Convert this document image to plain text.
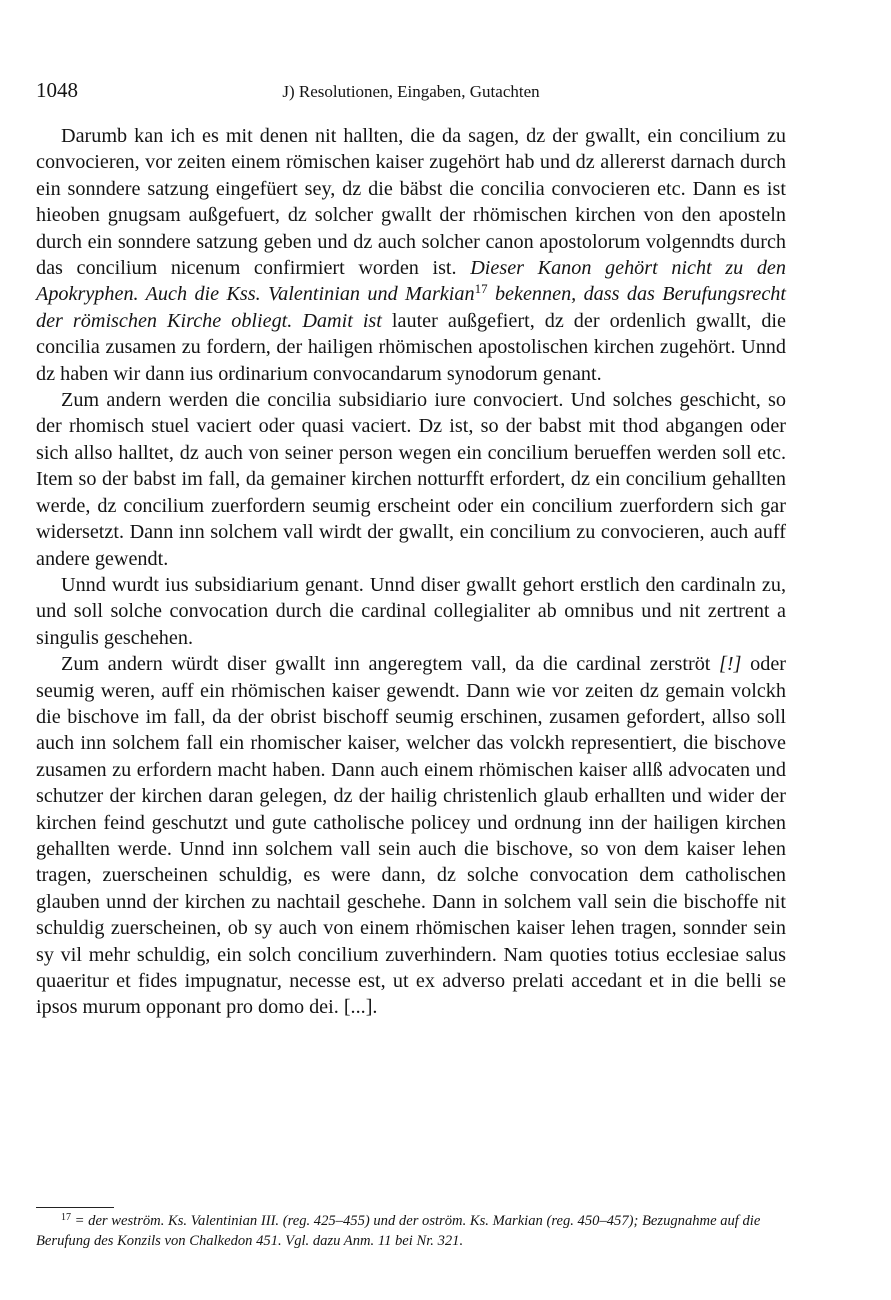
1048	J) Resolutionen, Eingaben, Gutachten

Darumb kan ich es mit denen nit hallten, die da sagen, dz der gwallt, ein concilium zu convocieren, vor zeiten einem römischen kaiser zugehört hab und dz allererst darnach durch ein sonndere satzung eingefüert sey, dz die bäbst die concilia convocieren etc. Dann es ist hieoben gnugsam außgefuert, dz solcher gwallt der rhömischen kirchen von den aposteln durch ein sonndere satzung geben und dz auch solcher canon apostolorum volgenndts durch das concilium nicenum confirmiert worden ist. Dieser Kanon gehört nicht zu den Apokryphen. Auch die Kss. Valentinian und Markian$^{17}$ bekennen, dass das Berufungsrecht der römischen Kirche obliegt. Damit ist lauter außgefiert, dz der ordenlich gwallt, die concilia zusamen zu fordern, der hailigen rhömischen apostolischen kirchen zugehört. Unnd dz haben wir dann ius ordinarium convocandarum synodorum genant.

Zum andern werden die concilia subsidiario iure convociert. Und solches geschicht, so der rhomisch stuel vaciert oder quasi vaciert. Dz ist, so der babst mit thod abgangen oder sich allso halltet, dz auch von seiner person wegen ein concilium berueffen werden soll etc. Item so der babst im fall, da gemainer kirchen notturfft erfordert, dz ein concilium gehallten werde, dz concilium zuerfordern seumig erscheint oder ein concilium zuerfordern sich gar widersetzt. Dann inn solchem vall wirdt der gwallt, ein concilium zu convocieren, auch auff andere gewendt.

Unnd wurdt ius subsidiarium genant. Unnd diser gwallt gehort erstlich den cardinaln zu, und soll solche convocation durch die cardinal collegialiter ab omnibus und nit zertrent a singulis geschehen.

Zum andern würdt diser gwallt inn angeregtem vall, da die cardinal zerströt [!] oder seumig weren, auff ein rhömischen kaiser gewendt. Dann wie vor zeiten dz gemain volckh die bischove im fall, da der obrist bischoff seumig erschinen, zusamen gefordert, allso soll auch inn solchem fall ein rhomischer kaiser, welcher das volckh representiert, die bischove zusamen zu erfordern macht haben. Dann auch einem rhömischen kaiser allß advocaten und schutzer der kirchen daran gelegen, dz der hailig christenlich glaub erhallten und wider der kirchen feind geschutzt und gute catholische policey und ordnung inn der hailigen kirchen gehallten werde. Unnd inn solchem vall sein auch die bischove, so von dem kaiser lehen tragen, zuerscheinen schuldig, es were dann, dz solche convocation dem catholischen glauben unnd der kirchen zu nachtail geschehe. Dann in solchem vall sein die bischoffe nit schuldig zuerscheinen, ob sy auch von einem rhömischen kaiser lehen tragen, sonnder sein sy vil mehr schuldig, ein solch concilium zuverhindern. Nam quoties totius ecclesiae salus quaeritur et fides impugnatur, necesse est, ut ex adverso prelati accedant et in die belli se ipsos murum opponant pro domo dei. [...].

$^{17}$ = der weström. Ks. Valentinian III. (reg. 425–455) und der oström. Ks. Markian (reg. 450–457); Bezugnahme auf die Berufung des Konzils von Chalkedon 451. Vgl. dazu Anm. 11 bei Nr. 321.
